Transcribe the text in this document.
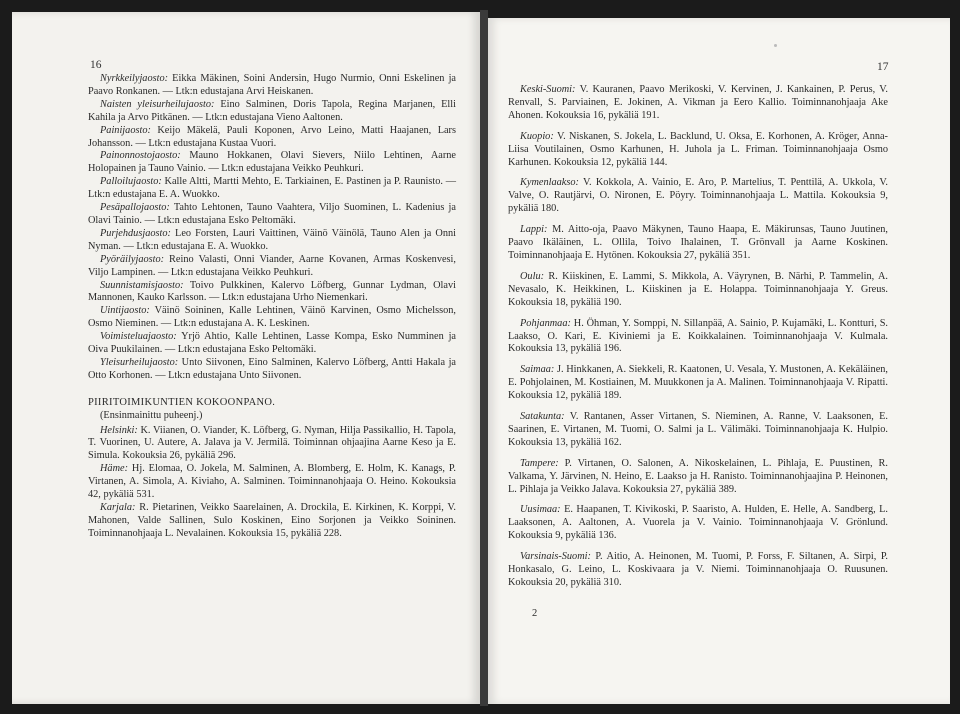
16

Nyrkkeilyjaosto: Eikka Mäkinen, Soini Andersin, Hugo Nurmio, Onni Eskelinen ja Paavo Ronkanen. — Ltk:n edustajana Arvi Heiskanen.

Naisten yleisurheilujaosto: Eino Salminen, Doris Tapola, Regina Marjanen, Elli Kahila ja Arvo Pitkänen. — Ltk:n edustajana Vieno Aaltonen.

Painijaosto: Keijo Mäkelä, Pauli Koponen, Arvo Leino, Matti Haajanen, Lars Johansson. — Ltk:n edustajana Kustaa Vuori.

Painonnostojaosto: Mauno Hokkanen, Olavi Sievers, Niilo Lehtinen, Aarne Holopainen ja Tauno Vainio. — Ltk:n edustajana Veikko Peuhkuri.

Palloilujaosto: Kalle Altti, Martti Mehto, E. Tarkiainen, E. Pastinen ja P. Raunisto. — Ltk:n edustajana E. A. Wuokko.

Pesäpallojaosto: Tahto Lehtonen, Tauno Vaahtera, Viljo Suominen, L. Kadenius ja Olavi Tainio. — Ltk:n edustajana Esko Peltomäki.

Purjehdusjaosto: Leo Forsten, Lauri Vaittinen, Väinö Väinölä, Tauno Alen ja Onni Nyman. — Ltk:n edustajana E. A. Wuokko.

Pyöräilyjaosto: Reino Valasti, Onni Viander, Aarne Kovanen, Armas Koskenvesi, Viljo Lampinen. — Ltk:n edustajana Veikko Peuhkuri.

Suunnistamisjaosto: Toivo Pulkkinen, Kalervo Löfberg, Gunnar Lydman, Olavi Mannonen, Kauko Karlsson. — Ltk:n edustajana Urho Niemenkari.

Uintijaosto: Väinö Soininen, Kalle Lehtinen, Väinö Karvinen, Osmo Michelsson, Osmo Nieminen. — Ltk:n edustajana A. K. Leskinen.

Voimisteluajaosto: Yrjö Ahtio, Kalle Lehtinen, Lasse Kompa, Esko Numminen ja Oiva Puukilainen. — Ltk:n edustajana Esko Peltomäki.

Yleisurheilujaosto: Unto Siivonen, Eino Salminen, Kalervo Löfberg, Antti Hakala ja Otto Korhonen. — Ltk:n edustajana Unto Siivonen.

PIIRITOIMIKUNTIEN KOKOONPANO.

(Ensinmainittu puheenj.)

Helsinki: K. Viianen, O. Viander, K. Löfberg, G. Nyman, Hilja Passikallio, H. Tapola, T. Vuorinen, U. Autere, A. Jalava ja V. Jermilä. Toiminnan ohjaajina Aarne Keso ja E. Simula. Kokouksia 26, pykäliä 296.

Häme: Hj. Elomaa, O. Jokela, M. Salminen, A. Blomberg, E. Holm, K. Kanags, P. Virtanen, A. Simola, A. Kiviaho, A. Salminen. Toiminnanohjaaja O. Heino. Kokouksia 42, pykäliä 531.

Karjala: R. Pietarinen, Veikko Saarelainen, A. Drockila, E. Kirkinen, K. Korppi, V. Mahonen, Valde Sallinen, Sulo Koskinen, Eino Sorjonen ja Veikko Soininen. Toiminnanohjaaja L. Nevalainen. Kokouksia 15, pykäliä 228.

17

Keski-Suomi: V. Kauranen, Paavo Merikoski, V. Kervinen, J. Kankainen, P. Perus, V. Renvall, S. Parviainen, E. Jokinen, A. Vikman ja Eero Kallio. Toiminnanohjaaja Ake Ahonen. Kokouksia 16, pykäliä 191.

Kuopio: V. Niskanen, S. Jokela, L. Backlund, U. Oksa, E. Korhonen, A. Kröger, Anna-Liisa Voutilainen, Osmo Karhunen, H. Juhola ja L. Friman. Toiminnanohjaaja Osmo Karhunen. Kokouksia 12, pykäliä 144.

Kymenlaakso: V. Kokkola, A. Vainio, E. Aro, P. Martelius, T. Penttilä, A. Ukkola, V. Valve, O. Rautjärvi, O. Nironen, E. Pöyry. Toiminnanohjaaja L. Mattila. Kokouksia 9, pykäliä 180.

Lappi: M. Aitto-oja, Paavo Mäkynen, Tauno Haapa, E. Mäkirunsas, Tauno Juutinen, Paavo Ikäläinen, L. Ollila, Toivo Ihalainen, T. Grönvall ja Aarne Koskinen. Toiminnanohjaaja E. Hytönen. Kokouksia 27, pykäliä 351.

Oulu: R. Kiiskinen, E. Lammi, S. Mikkola, A. Väyrynen, B. Närhi, P. Tammelin, A. Nevasalo, K. Heikkinen, L. Kiiskinen ja E. Holappa. Toiminnanohjaaja Y. Greus. Kokouksia 18, pykäliä 190.

Pohjanmaa: H. Öhman, Y. Somppi, N. Sillanpää, A. Sainio, P. Kujamäki, L. Kontturi, S. Laakso, O. Kari, E. Kiviniemi ja E. Koikkalainen. Toiminnanohjaaja V. Kulmala. Kokouksia 13, pykäliä 196.

Saimaa: J. Hinkkanen, A. Siekkeli, R. Kaatonen, U. Vesala, Y. Mustonen, A. Kekäläinen, E. Pohjolainen, M. Kostiainen, M. Muukkonen ja A. Malinen. Toiminnanohjaaja V. Ripatti. Kokouksia 12, pykäliä 189.

Satakunta: V. Rantanen, Asser Virtanen, S. Nieminen, A. Ranne, V. Laaksonen, E. Saarinen, E. Virtanen, M. Tuomi, O. Salmi ja L. Välimäki. Toiminnanohjaaja K. Hulpio. Kokouksia 13, pykäliä 162.

Tampere: P. Virtanen, O. Salonen, A. Nikoskelainen, L. Pihlaja, E. Puustinen, R. Valkama, Y. Järvinen, N. Heino, E. Laakso ja H. Ranisto. Toiminnanohjaajina P. Heinonen, L. Pihlaja ja Veikko Jalava. Kokouksia 27, pykäliä 389.

Uusimaa: E. Haapanen, T. Kivikoski, P. Saaristo, A. Hulden, E. Helle, A. Sandberg, L. Laaksonen, A. Aaltonen, A. Vuorela ja V. Vainio. Toiminnanohjaaja V. Grönlund. Kokouksia 9, pykäliä 136.

Varsinais-Suomi: P. Aitio, A. Heinonen, M. Tuomi, P. Forss, F. Siltanen, A. Sirpi, P. Honkasalo, G. Leino, L. Koskivaara ja V. Niemi. Toiminnanohjaaja O. Ruusunen. Kokouksia 20, pykäliä 310.

2
